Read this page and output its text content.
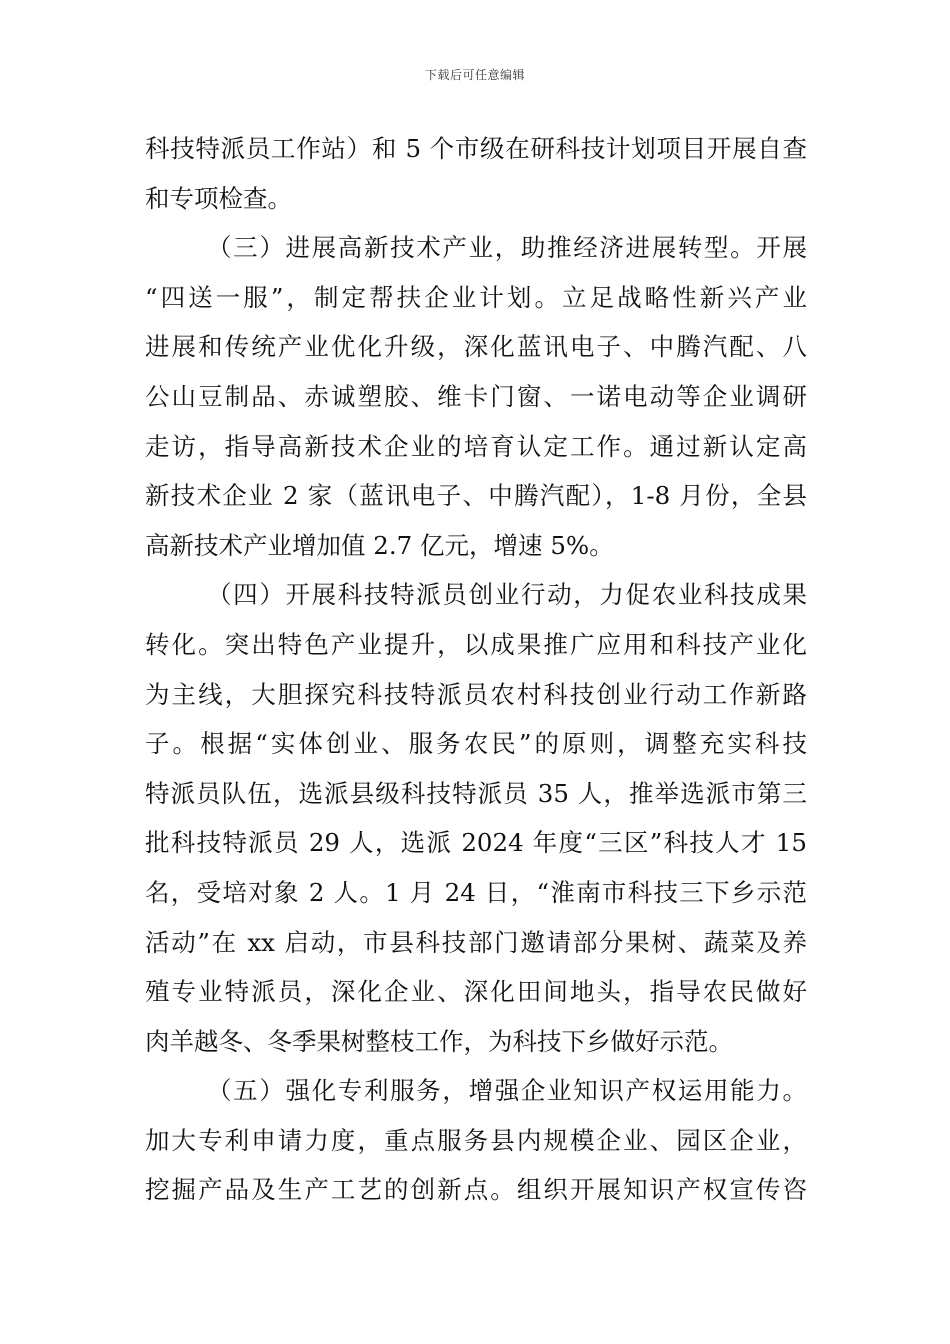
下载后可任意编辑
科技特派员工作站）和 5 个市级在研科技计划项目开展自查
和专项检查。
（三）进展高新技术产业，助推经济进展转型。开展
“四送一服”，制定帮扶企业计划。立足战略性新兴产业
进展和传统产业优化升级，深化蓝讯电子、中腾汽配、八
公山豆制品、赤诚塑胶、维卡门窗、一诺电动等企业调研
走访，指导高新技术企业的培育认定工作。通过新认定高
新技术企业 2 家（蓝讯电子、中腾汽配），1-8 月份，全县
高新技术产业增加值 2.7 亿元，增速 5%。
（四）开展科技特派员创业行动，力促农业科技成果
转化。突出特色产业提升，以成果推广应用和科技产业化
为主线，大胆探究科技特派员农村科技创业行动工作新路
子。根据“实体创业、服务农民”的原则，调整充实科技
特派员队伍，选派县级科技特派员 35 人，推举选派市第三
批科技特派员 29 人，选派 2024 年度“三区”科技人才 15
名，受培对象 2 人。1 月 24 日，“淮南市科技三下乡示范
活动”在 xx 启动，市县科技部门邀请部分果树、蔬菜及养
殖专业特派员，深化企业、深化田间地头，指导农民做好
肉羊越冬、冬季果树整枝工作，为科技下乡做好示范。
（五）强化专利服务，增强企业知识产权运用能力。
加大专利申请力度，重点服务县内规模企业、园区企业，
挖掘产品及生产工艺的创新点。组织开展知识产权宣传咨
